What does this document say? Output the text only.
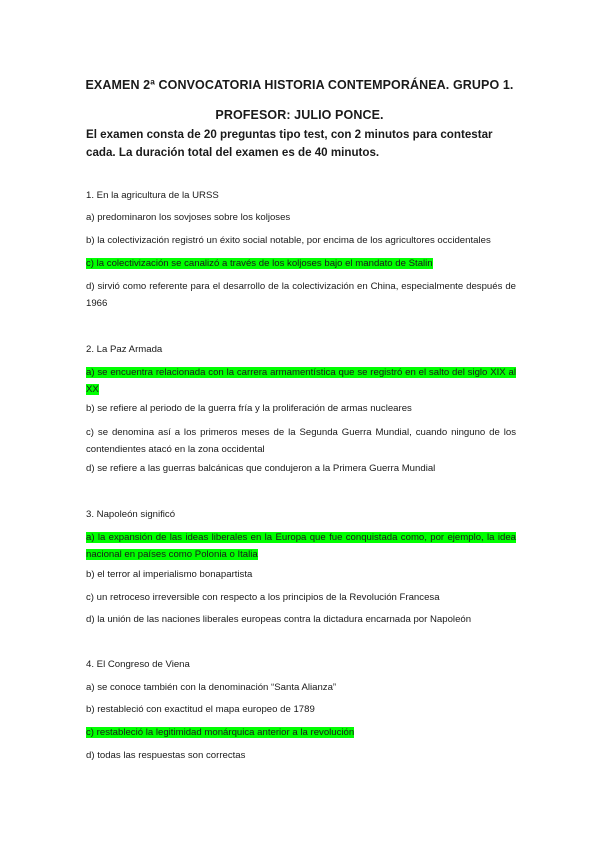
EXAMEN 2ª CONVOCATORIA HISTORIA CONTEMPORÁNEA. GRUPO 1.
PROFESOR: JULIO PONCE.
El examen consta de 20 preguntas tipo test, con 2 minutos para contestar cada. La duración total del examen es de 40 minutos.
1. En la agricultura de la URSS
a) predominaron los sovjoses sobre los koljoses
b) la colectivización registró un éxito social notable, por encima de los agricultores occidentales
c) la colectivización se canalizó a través de los koljoses bajo el mandato de Stalin
d) sirvió como referente para el desarrollo de la colectivización en China, especialmente después de 1966
2. La Paz Armada
a) se encuentra relacionada con la carrera armamentística que se registró en el salto del siglo XIX al XX
b) se refiere al periodo de la guerra fría y la proliferación de armas nucleares
c) se denomina así a los primeros meses de la Segunda Guerra Mundial, cuando ninguno de los contendientes atacó en la zona occidental
d) se refiere a las guerras balcánicas que condujeron a la Primera Guerra Mundial
3. Napoleón significó
a) la expansión de las ideas liberales en la Europa que fue conquistada como, por ejemplo, la idea nacional en países como Polonia o Italia
b) el terror al imperialismo bonapartista
c) un retroceso irreversible con respecto a los principios de la Revolución Francesa
d) la unión de las naciones liberales europeas contra la dictadura encarnada por Napoleón
4. El Congreso de Viena
a) se conoce también con la denominación “Santa Alianza”
b) restableció con exactitud el mapa europeo de 1789
c) restableció la legitimidad monárquica anterior a la revolución
d) todas las respuestas son correctas
